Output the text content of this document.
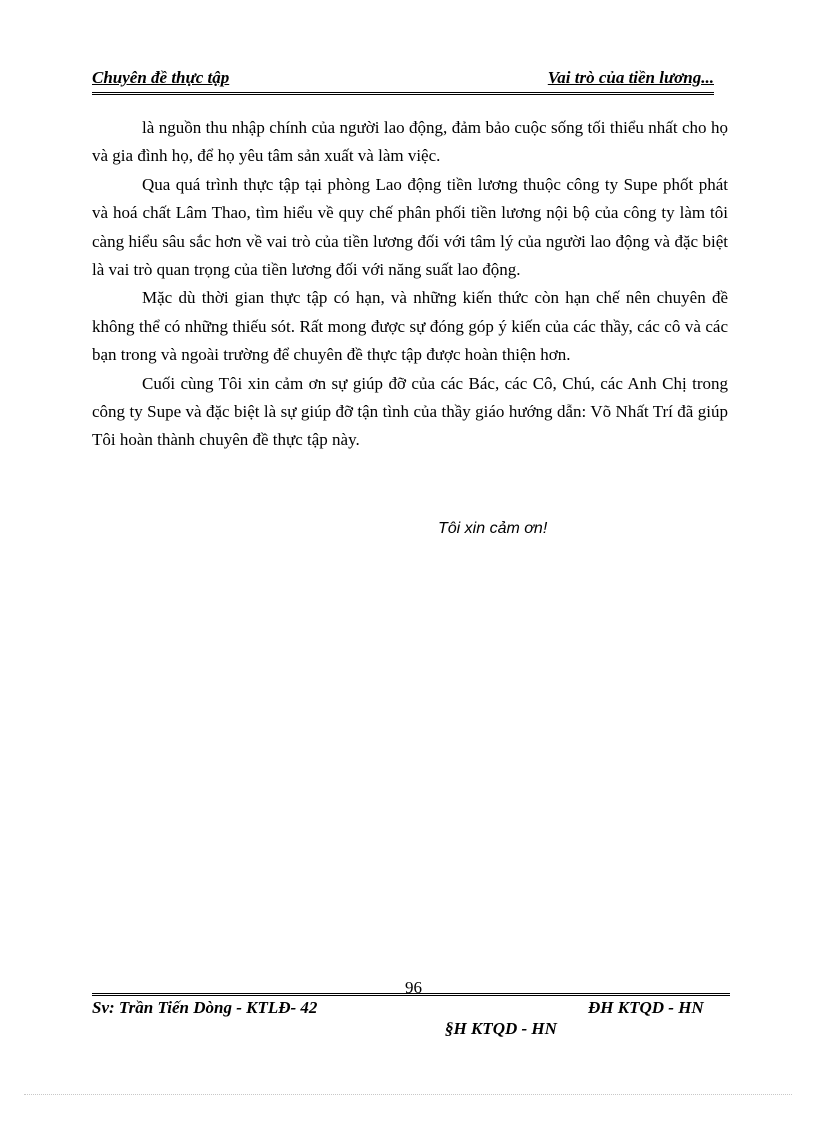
Chuyên đề thực tập	Vai trò của tiền lương...

là nguồn thu nhập chính của người lao động, đảm bảo cuộc sống tối thiểu nhất cho họ và gia đình họ, để họ yêu tâm sản xuất và làm việc.

Qua quá trình thực tập tại phòng Lao động tiền lương thuộc công ty Supe phốt phát và hoá chất Lâm Thao, tìm hiểu về quy chế phân phối tiền lương nội bộ của công ty làm tôi càng hiểu sâu sắc hơn về vai trò của tiền lương đối với tâm lý của người lao động và đặc biệt là vai trò quan trọng của tiền lương đối với năng suất lao động.

Mặc dù thời gian thực tập có hạn, và những kiến thức còn hạn chế nên chuyên đề không thể có những thiếu sót. Rất mong được sự đóng góp ý kiến của các thầy, các cô và các bạn trong và ngoài trường để chuyên đề thực tập được hoàn thiện hơn.

Cuối cùng Tôi xin cảm ơn sự giúp đỡ của các Bác, các Cô, Chú, các Anh Chị trong công ty Supe và đặc biệt là sự giúp đỡ tận tình của thầy giáo hướng dẫn: Võ Nhất Trí đã giúp Tôi hoàn thành chuyên đề thực tập này.

Tôi xin cảm ơn!
96
Sv: Trần Tiến Dòng - KTLĐ- 42	ĐH KTQD - HN
§H KTQD - HN
